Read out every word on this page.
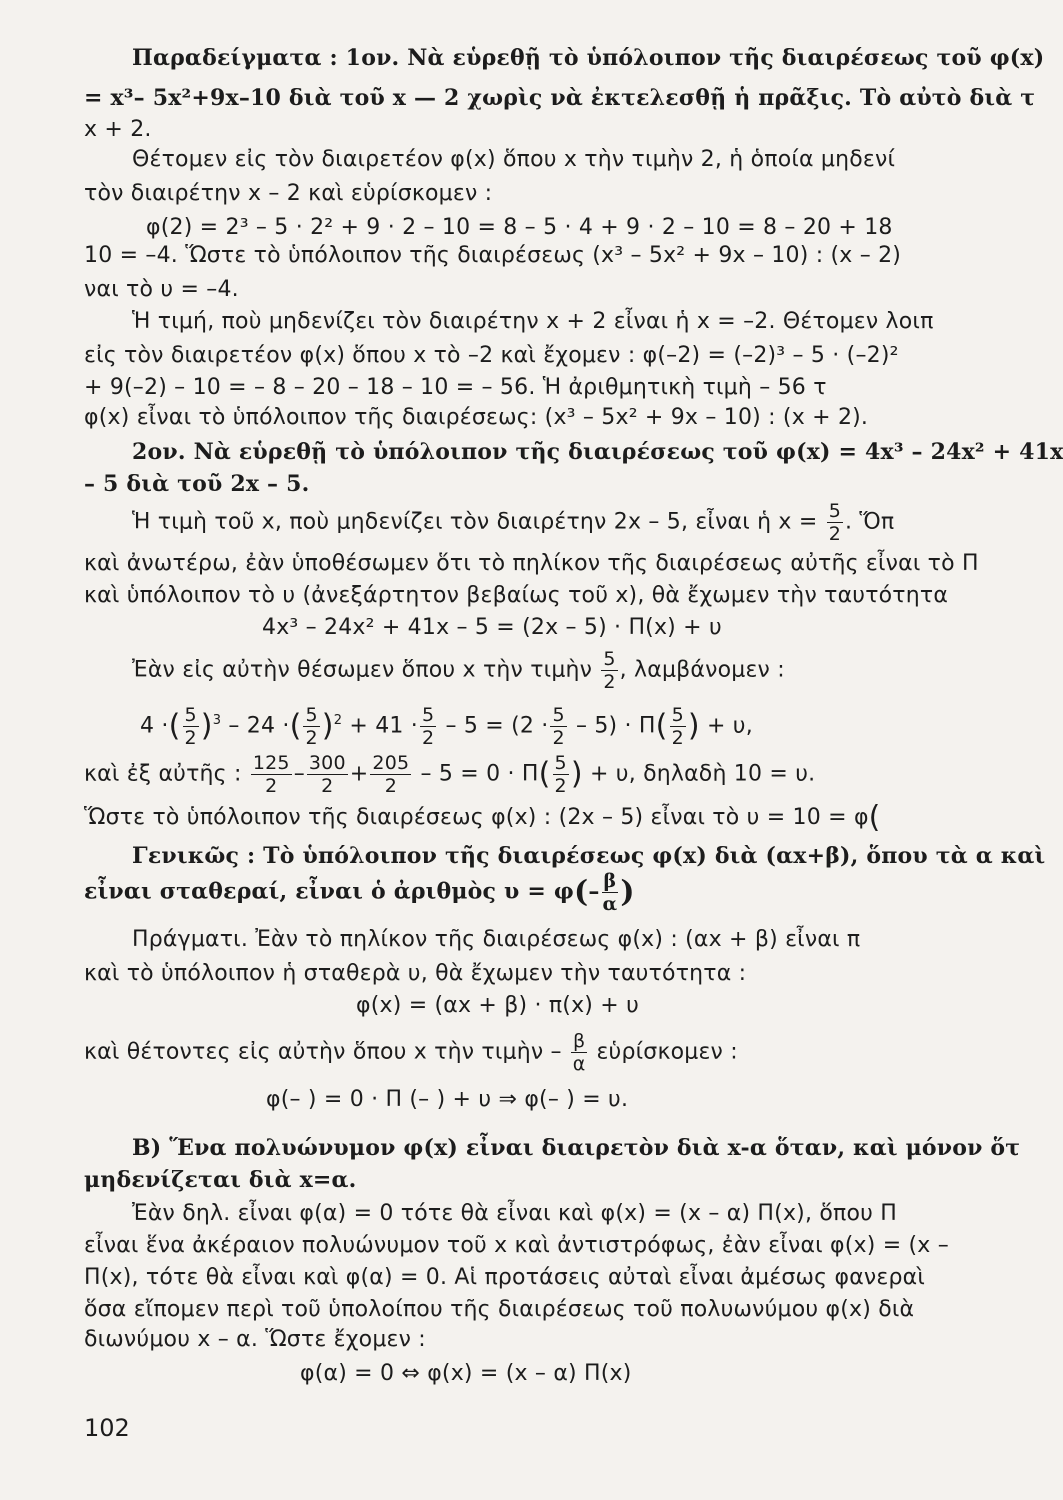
Παραδείγματα : 1ον. Νὰ εὑρεθῇ τὸ ὑπόλοιπον τῆς διαιρέσεως τοῦ φ(x)
= x³– 5x²+9x–10 διὰ τοῦ x — 2 χωρὶς νὰ ἐκτελεσθῇ ἡ πρᾶξις. Τὸ αὐτὸ διὰ τ
x + 2.
Θέτομεν εἰς τὸν διαιρετέον φ(x) ὅπου x τὴν τιμὴν 2, ἡ ὁποία μηδενί
τὸν διαιρέτην x – 2 καὶ εὑρίσκομεν :
φ(2) = 2³ – 5 · 2² + 9 · 2 – 10 = 8 – 5 · 4 + 9 · 2 – 10 = 8 – 20 + 18
10 = –4. Ὥστε τὸ ὑπόλοιπον τῆς διαιρέσεως (x³ – 5x² + 9x – 10) : (x – 2)
ναι τὸ υ = –4.
Ἡ τιμή, ποὺ μηδενίζει τὸν διαιρέτην x + 2 εἶναι ἡ x = –2. Θέτομεν λοιπ
εἰς τὸν διαιρετέον φ(x) ὅπου x τὸ –2 καὶ ἔχομεν : φ(–2) = (–2)³ – 5 · (–2)²
+ 9(–2) – 10 = – 8 – 20 – 18 – 10 = – 56. Ἡ ἀριθμητικὴ τιμὴ – 56 τ
φ(x) εἶναι τὸ ὑπόλοιπον τῆς διαιρέσεως: (x³ – 5x² + 9x – 10) : (x + 2).
2ον. Νὰ εὑρεθῇ τὸ ὑπόλοιπον τῆς διαιρέσεως τοῦ φ(x) = 4x³ – 24x² + 41x
– 5 διὰ τοῦ 2x – 5.
Ἡ τιμὴ τοῦ x, ποὺ μηδενίζει τὸν διαιρέτην 2x – 5, εἶναι ἡ $x = \frac{5}{2}$ . Ὅπ
καὶ ἀνωτέρω, ἐὰν ὑποθέσωμεν ὅτι τὸ πηλίκον τῆς διαιρέσεως αὐτῆς εἶναι τὸ Π
καὶ ὑπόλοιπον τὸ υ (ἀνεξάρτητον βεβαίως τοῦ x), θὰ ἔχωμεν τὴν ταυτότητα
4x³ – 24x² + 41x – 5 = (2x – 5) · Π(x) + υ
Ἐὰν εἰς αὐτὴν θέσωμεν ὅπου x τὴν τιμὴν $\frac{5}{2}$ , λαμβάνομεν :
4 ·( $\frac{5}{2} )^3 - 24$ ·( $\frac{5}{2} )^2 + 41 \cdot \frac{5}{2} - 5 = (2 \cdot \frac{5}{2} - 5) \cdot \Pi( \frac{5}{2}$ ) + υ,
καὶ ἐξ αὐτῆς : $\frac{125}{2} - \frac{300}{2} + \frac{205}{2} - 5 = 0 \cdot \Pi( \frac{5}{2}$ ) + υ, δηλαδὴ 10 = υ.
Ὥστε τὸ ὑπόλοιπον τῆς διαιρέσεως φ(x) : (2x – 5) εἶναι τὸ υ = 10 = φ(
Γενικῶς : Τὸ ὑπόλοιπον τῆς διαιρέσεως φ(x) διὰ (αx+β), ὅπου τὰ α καὶ
εἶναι σταθεραί, εἶναι ὁ ἀριθμὸς $\upsilon = \varphi(- \frac{\beta}{\alpha}$ )
Πράγματι. Ἐὰν τὸ πηλίκον τῆς διαιρέσεως φ(x) : (αx + β) εἶναι π
καὶ τὸ ὑπόλοιπον ἡ σταθερὰ υ, θὰ ἔχωμεν τὴν ταυτότητα :
φ(x) = (αx + β) · π(x) + υ
καὶ θέτοντες εἰς αὐτὴν ὅπου x τὴν τιμὴν – $\frac{\beta}{\alpha}$ εὑρίσκομεν :
φ(– ) = 0 · Π (– ) + υ ⇒ φ(– ) = υ.
Β) Ἕνα πολυώνυμον φ(x) εἶναι διαιρετὸν διὰ x-α ὅταν, καὶ μόνον ὅτ
μηδενίζεται διὰ x=α.
Ἐὰν δηλ. εἶναι φ(α) = 0 τότε θὰ εἶναι καὶ φ(x) = (x – α) Π(x), ὅπου Π
εἶναι ἕνα ἀκέραιον πολυώνυμον τοῦ x καὶ ἀντιστρόφως, ἐὰν εἶναι φ(x) = (x –
Π(x), τότε θὰ εἶναι καὶ φ(α) = 0. Αἱ προτάσεις αὐταὶ εἶναι ἀμέσως φανεραὶ
ὅσα εἴπομεν περὶ τοῦ ὑπολοίπου τῆς διαιρέσεως τοῦ πολυωνύμου φ(x) διὰ
διωνύμου x – α. Ὥστε ἔχομεν :
φ(α) = 0 ⇔ φ(x) = (x – α) Π(x)
102
